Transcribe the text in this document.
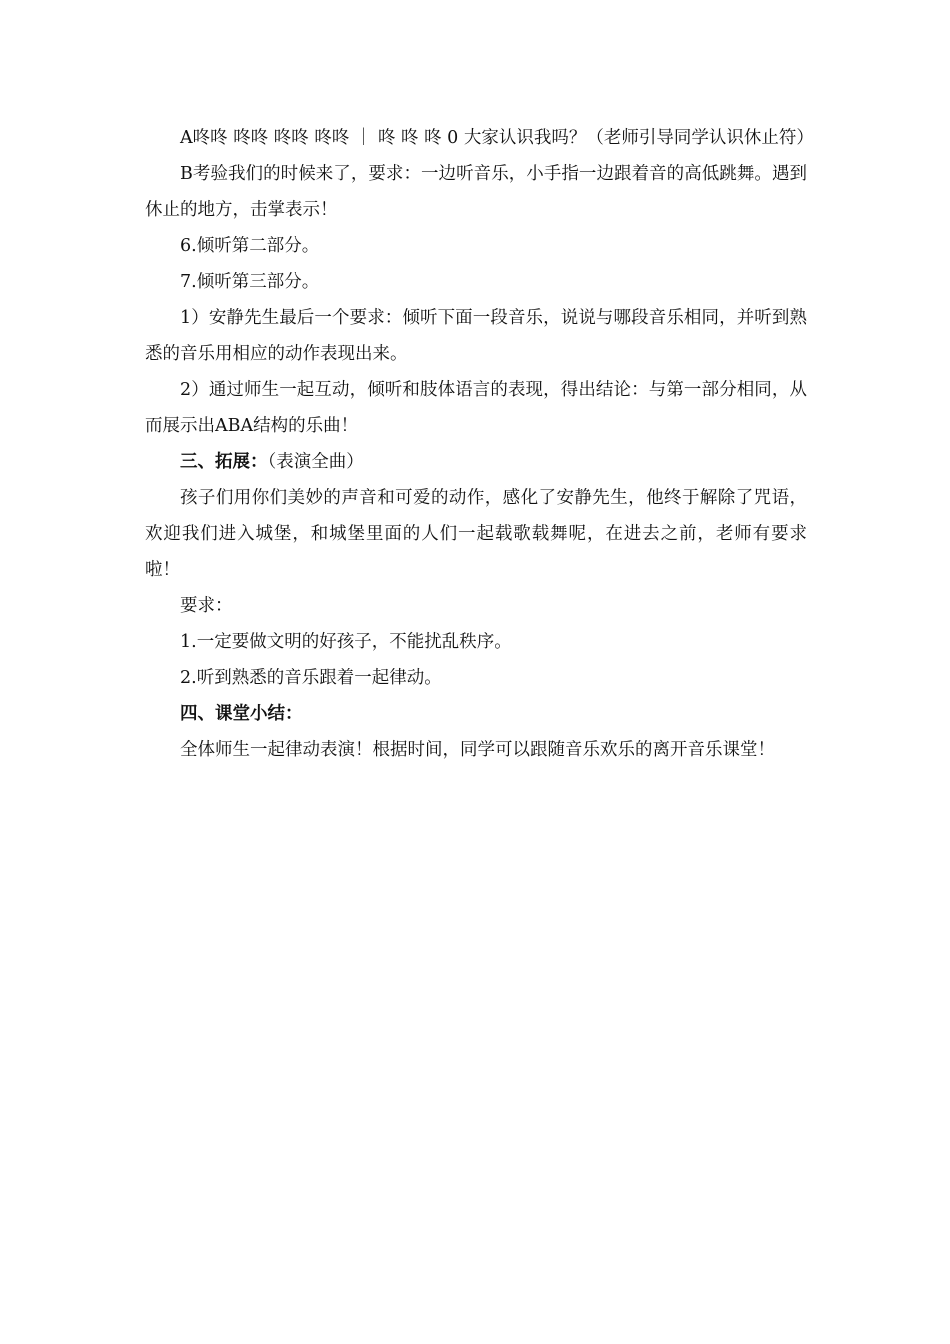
A咚咚 咚咚 咚咚 咚咚 ｜ 咚 咚 咚 0 大家认识我吗？（老师引导同学认识休止符）

B考验我们的时候来了，要求：一边听音乐，小手指一边跟着音的高低跳舞。遇到休止的地方，击掌表示！

6.倾听第二部分。

7.倾听第三部分。

1）安静先生最后一个要求：倾听下面一段音乐，说说与哪段音乐相同，并听到熟悉的音乐用相应的动作表现出来。

2）通过师生一起互动，倾听和肢体语言的表现，得出结论：与第一部分相同，从而展示出ABA结构的乐曲！

三、拓展：（表演全曲）

孩子们用你们美妙的声音和可爱的动作，感化了安静先生，他终于解除了咒语，欢迎我们进入城堡，和城堡里面的人们一起载歌载舞呢，在进去之前，老师有要求啦！

要求：

1.一定要做文明的好孩子，不能扰乱秩序。

2.听到熟悉的音乐跟着一起律动。

四、课堂小结：

全体师生一起律动表演！根据时间，同学可以跟随音乐欢乐的离开音乐课堂！
